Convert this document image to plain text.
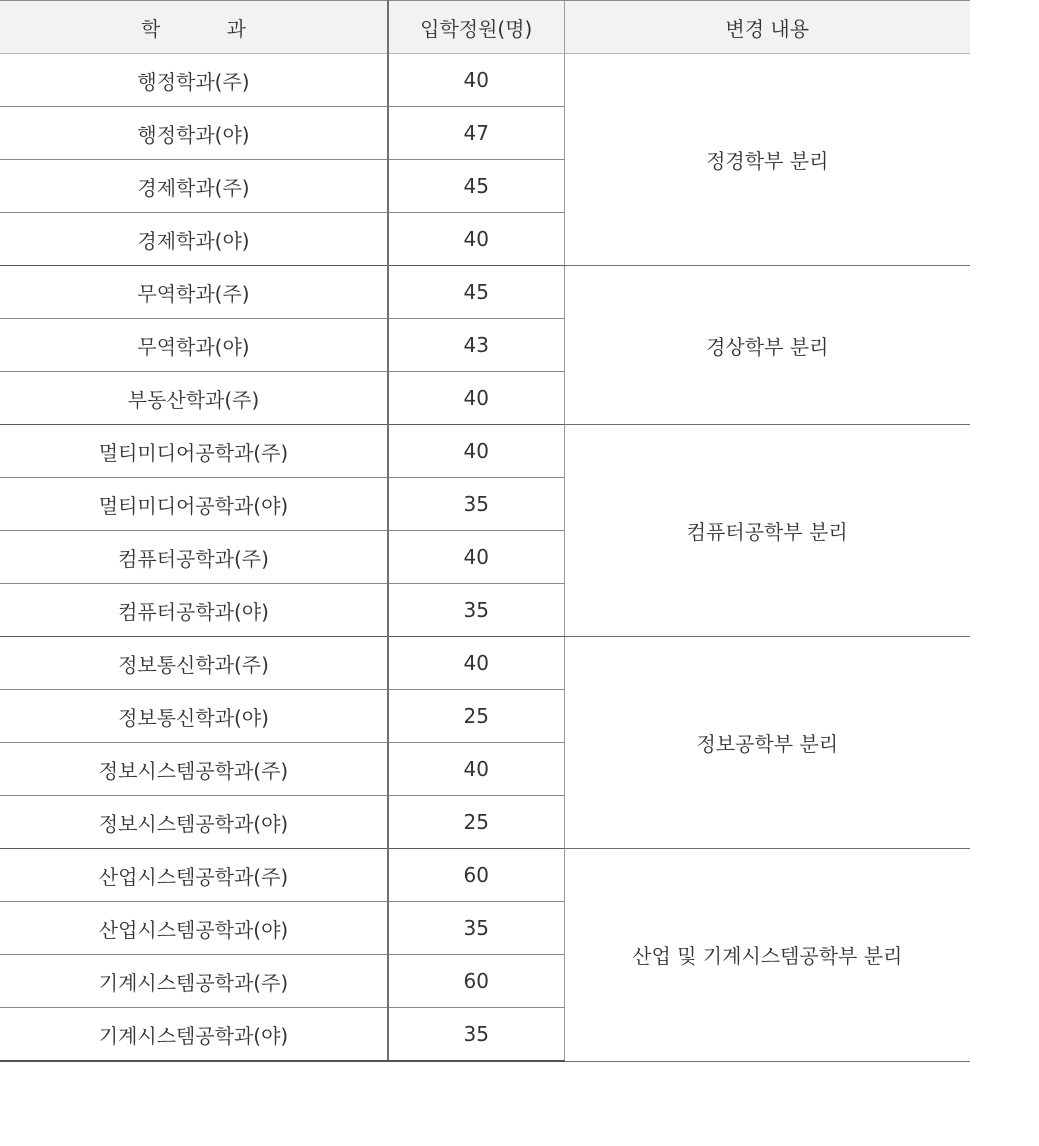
학 과	입학정원(명)	변경 내용
행정학과(주)	40	정경학부 분리
행정학과(야)	47	
경제학과(주)	45	
경제학과(야)	40	
무역학과(주)	45	경상학부 분리
무역학과(야)	43	
부동산학과(주)	40	
멀티미디어공학과(주)	40	컴퓨터공학부 분리
멀티미디어공학과(야)	35	
컴퓨터공학과(주)	40	
컴퓨터공학과(야)	35	
정보통신학과(주)	40	정보공학부 분리
정보통신학과(야)	25	
정보시스템공학과(주)	40	
정보시스템공학과(야)	25	
산업시스템공학과(주)	60	산업 및 기계시스템공학부 분리
산업시스템공학과(야)	35	
기계시스템공학과(주)	60	
기계시스템공학과(야)	35	
